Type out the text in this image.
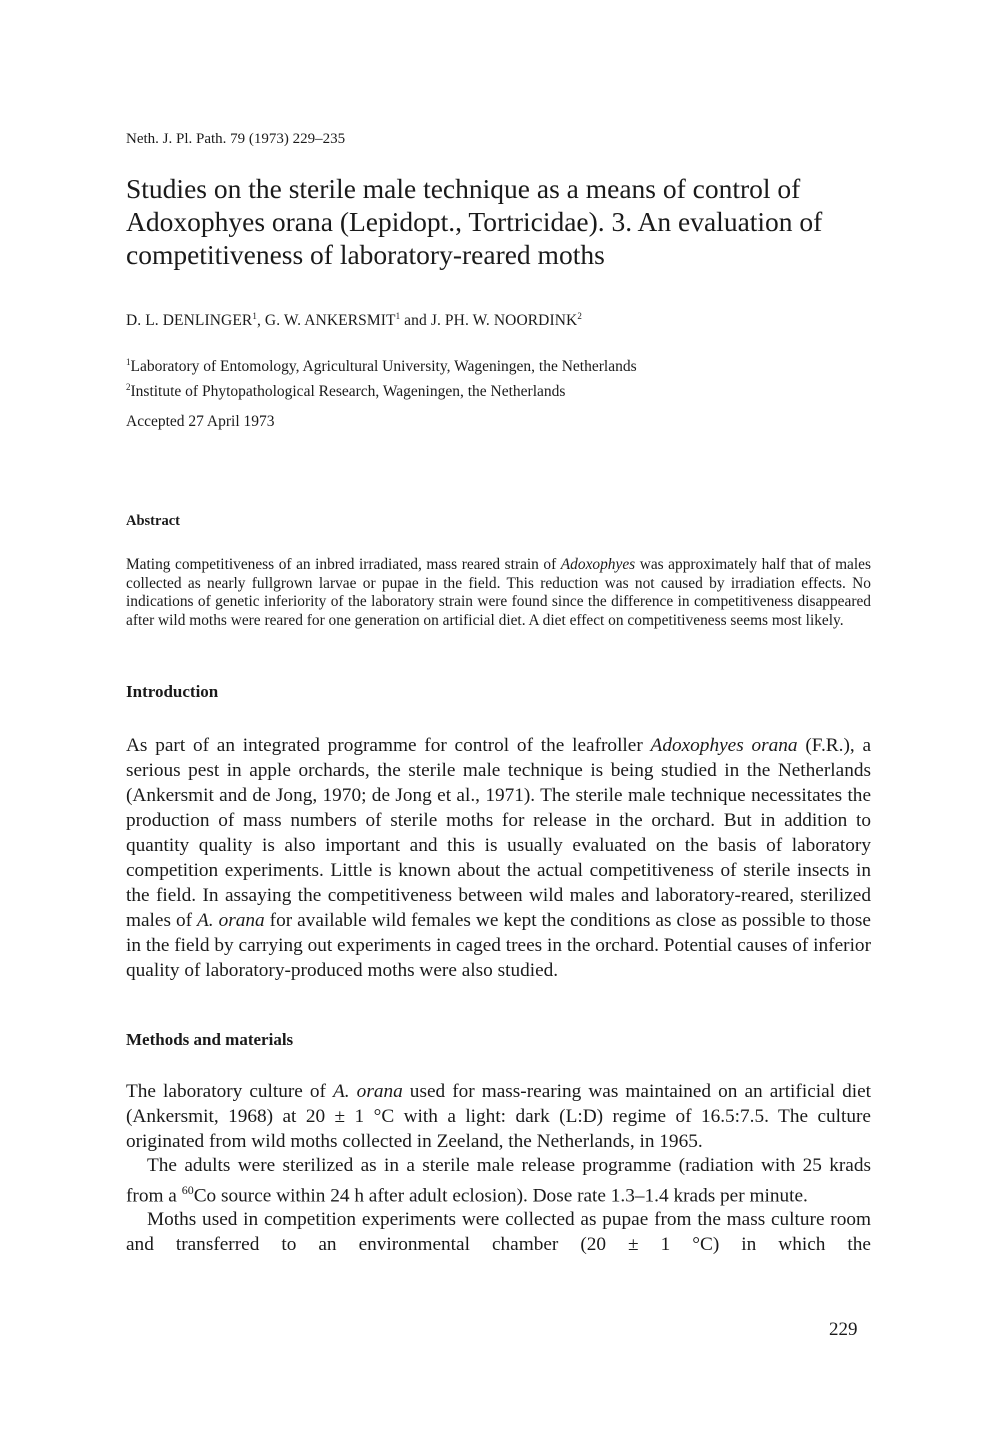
Neth. J. Pl. Path. 79 (1973) 229–235
Studies on the sterile male technique as a means of control of Adoxophyes orana (Lepidopt., Tortricidae). 3. An evaluation of competitiveness of laboratory-reared moths
D. L. DENLINGER$^1$, G. W. ANKERSMIT$^1$ and J. PH. W. NOORDINK$^2$
$^1$Laboratory of Entomology, Agricultural University, Wageningen, the Netherlands
$^2$Institute of Phytopathological Research, Wageningen, the Netherlands
Accepted 27 April 1973
Abstract

Mating competitiveness of an inbred irradiated, mass reared strain of Adoxophyes was approximately half that of males collected as nearly fullgrown larvae or pupae in the field. This reduction was not caused by irradiation effects. No indications of genetic inferiority of the laboratory strain were found since the difference in competitiveness disappeared after wild moths were reared for one generation on artificial diet. A diet effect on competitiveness seems most likely.

Introduction

As part of an integrated programme for control of the leafroller Adoxophyes orana (F.R.), a serious pest in apple orchards, the sterile male technique is being studied in the Netherlands (Ankersmit and de Jong, 1970; de Jong et al., 1971). The sterile male technique necessitates the production of mass numbers of sterile moths for release in the orchard. But in addition to quantity quality is also important and this is usually evaluated on the basis of laboratory competition experiments. Little is known about the actual competitiveness of sterile insects in the field. In assaying the competitiveness between wild males and laboratory-reared, sterilized males of A. orana for available wild females we kept the conditions as close as possible to those in the field by carrying out experiments in caged trees in the orchard. Potential causes of inferior quality of laboratory-produced moths were also studied.

Methods and materials

The laboratory culture of A. orana used for mass-rearing was maintained on an artificial diet (Ankersmit, 1968) at 20 ± 1 °C with a light: dark (L:D) regime of 16.5:7.5. The culture originated from wild moths collected in Zeeland, the Netherlands, in 1965.

The adults were sterilized as in a sterile male release programme (radiation with 25 krads from a $^{60}$Co source within 24 h after adult eclosion). Dose rate 1.3–1.4 krads per minute.

Moths used in competition experiments were collected as pupae from the mass culture room and transferred to an environmental chamber (20 ± 1 °C) in which the

229
